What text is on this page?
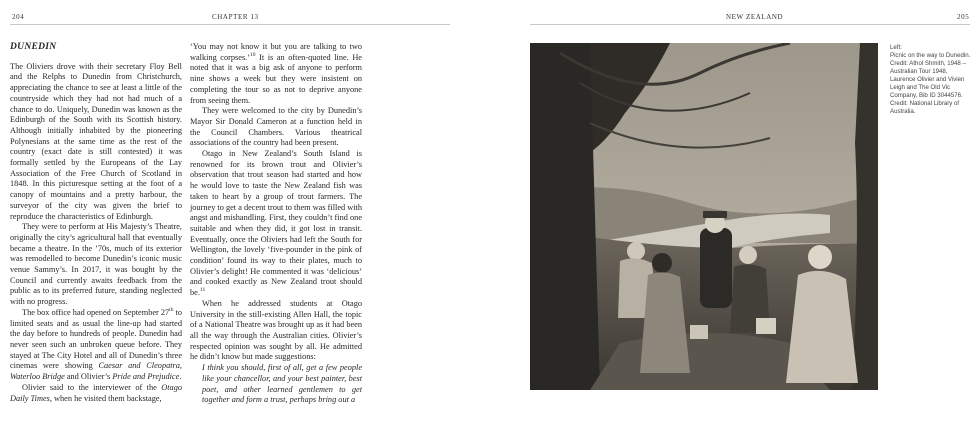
204	CHAPTER 13	NEW ZEALAND	205
DUNEDIN

The Oliviers drove with their secretary Floy Bell and the Relphs to Dunedin from Christchurch, appreciating the chance to see at least a little of the countryside which they had not had much of a chance to do. Uniquely, Dunedin was known as the Edinburgh of the South with its Scottish history. Although initially inhabited by the pioneering Polynesians at the same time as the rest of the country (exact date is still contested) it was formally settled by the Europeans of the Lay Association of the Free Church of Scotland in 1848. In this picturesque setting at the foot of a canopy of mountains and a pretty harbour, the surveyor of the city was given the brief to reproduce the characteristics of Edinburgh.

They were to perform at His Majesty’s Theatre, originally the city’s agricultural hall that eventually became a theatre. In the ’70s, much of its exterior was remodelled to become Dunedin’s iconic music venue Sammy’s. In 2017, it was bought by the Council and currently awaits feedback from the public as to its preferred future, standing neglected with no progress.

The box office had opened on September 27th to limited seats and as usual the line-up had started the day before to hundreds of people. Dunedin had never seen such an unbroken queue before. They stayed at The City Hotel and all of Dunedin’s three cinemas were showing Caesar and Cleopatra, Waterloo Bridge and Olivier’s Pride and Prejudice.

Olivier said to the interviewer of the Otago Daily Times, when he visited them backstage,

‘You may not know it but you are talking to two walking corpses.’$^{10}$ It is an often-quoted line. He noted that it was a big ask of anyone to perform nine shows a week but they were insistent on completing the tour so as not to deprive anyone from seeing them.

They were welcomed to the city by Dunedin’s Mayor Sir Donald Cameron at a function held in the Council Chambers. Various theatrical associations of the country had been present.

Otago in New Zealand’s South Island is renowned for its brown trout and Olivier’s observation that trout season had started and how he would love to taste the New Zealand fish was taken to heart by a group of trout farmers. The journey to get a decent trout to them was filled with angst and mishandling. First, they couldn’t find one suitable and when they did, it got lost in transit. Eventually, once the Oliviers had left the South for Wellington, the lovely ‘five-pounder in the pink of condition’ found its way to their plates, much to Olivier’s delight! He commented it was ‘delicious’ and cooked exactly as New Zealand trout should be.$^{11}$

When he addressed students at Otago University in the still-existing Allen Hall, the topic of a National Theatre was brought up as it had been all the way through the Australian cities. Olivier’s respected opinion was sought by all. He admitted he didn’t know but made suggestions:

I think you should, first of all, get a few people like your chancellor, and your best painter, best poet, and other learned gentlemen to get together and form a trust, perhaps bring out a

Left:
Picnic on the way to Dunedin. Credit: Athol Shmith, 1948 – Australian Tour 1948, Laurence Olivier and Vivien Leigh and The Old Vic Company, Bib ID 3044576. Credit: National Library of Australia.
